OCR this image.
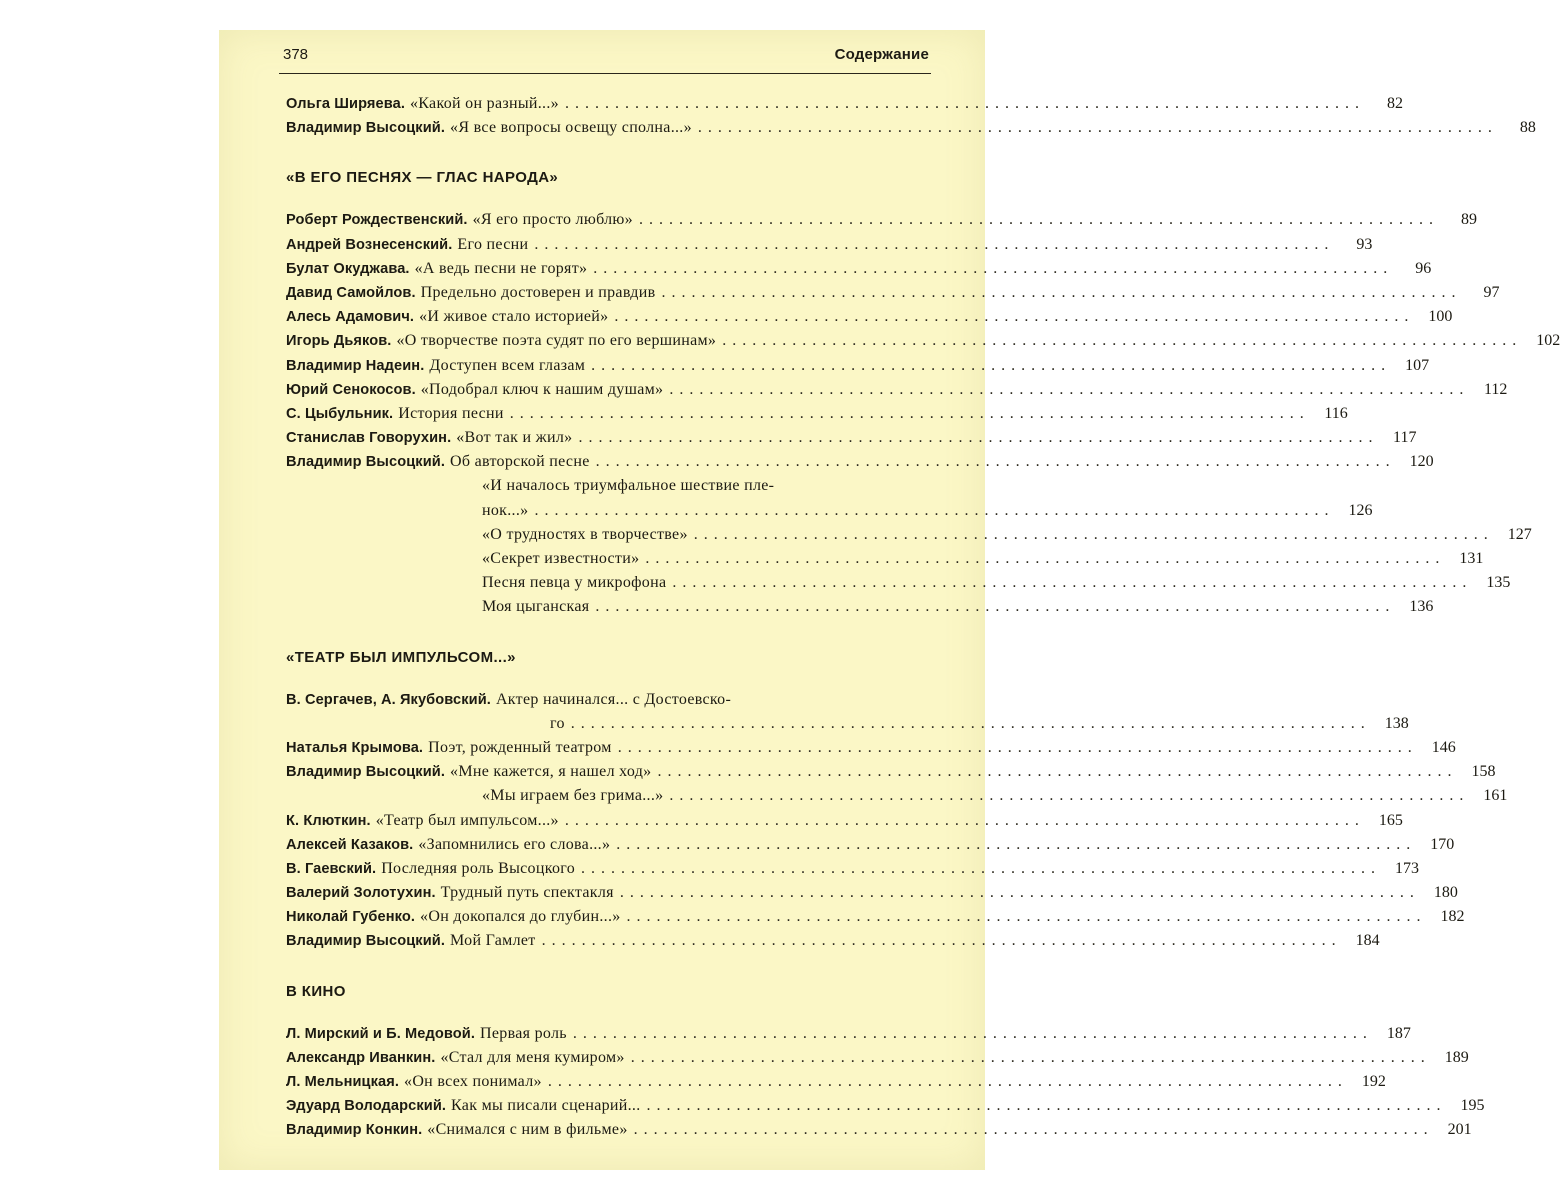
378	Содержание
Ольга Ширяева. «Какой он разный...» ................................................................................	82
Владимир Высоцкий. «Я все вопросы освещу сполна...» ................................................................................	88
«В ЕГО ПЕСНЯХ — ГЛАС НАРОДА»
Роберт Рождественский. «Я его просто люблю» ................................................................................	89
Андрей Вознесенский. Его песни ................................................................................	93
Булат Окуджава. «А ведь песни не горят» ................................................................................	96
Давид Самойлов. Предельно достоверен и правдив ................................................................................	97
Алесь Адамович. «И живое стало историей» ................................................................................ 100
Игорь Дьяков. «О творчестве поэта судят по его вершинам» ................................................................................ 102
Владимир Надеин. Доступен всем глазам ................................................................................ 107
Юрий Сенокосов. «Подобрал ключ к нашим душам» ................................................................................ 112
С. Цыбульник. История песни ................................................................................ 116
Станислав Говорухин. «Вот так и жил» ................................................................................ 117
Владимир Высоцкий. Об авторской песне ................................................................................ 120
«И началось триумфальное шествие пле-
нок...» ................................................................................ 126
«О трудностях в творчестве» ................................................................................ 127
«Секрет известности» ................................................................................ 131
Песня певца у микрофона ................................................................................ 135
Моя цыганская ................................................................................ 136
«ТЕАТР БЫЛ ИМПУЛЬСОМ...»
В. Сергачев, А. Якубовский. Актер начинался... с Достоевско-
го ................................................................................ 138
Наталья Крымова. Поэт, рожденный театром ................................................................................ 146
Владимир Высоцкий. «Мне кажется, я нашел ход» ................................................................................ 158
«Мы играем без грима...» ................................................................................ 161
К. Клюткин. «Театр был импульсом...» ................................................................................ 165
Алексей Казаков. «Запомнились его слова...» ................................................................................ 170
В. Гаевский. Последняя роль Высоцкого ................................................................................ 173
Валерий Золотухин. Трудный путь спектакля ................................................................................ 180
Николай Губенко. «Он докопался до глубин...» ................................................................................ 182
Владимир Высоцкий. Мой Гамлет ................................................................................ 184
В КИНО
Л. Мирский и Б. Медовой. Первая роль ................................................................................ 187
Александр Иванкин. «Стал для меня кумиром» ................................................................................ 189
Л. Мельницкая. «Он всех понимал» ................................................................................ 192
Эдуард Володарский. Как мы писали сценарий... ................................................................................ 195
Владимир Конкин. «Снимался с ним в фильме» ................................................................................ 201
